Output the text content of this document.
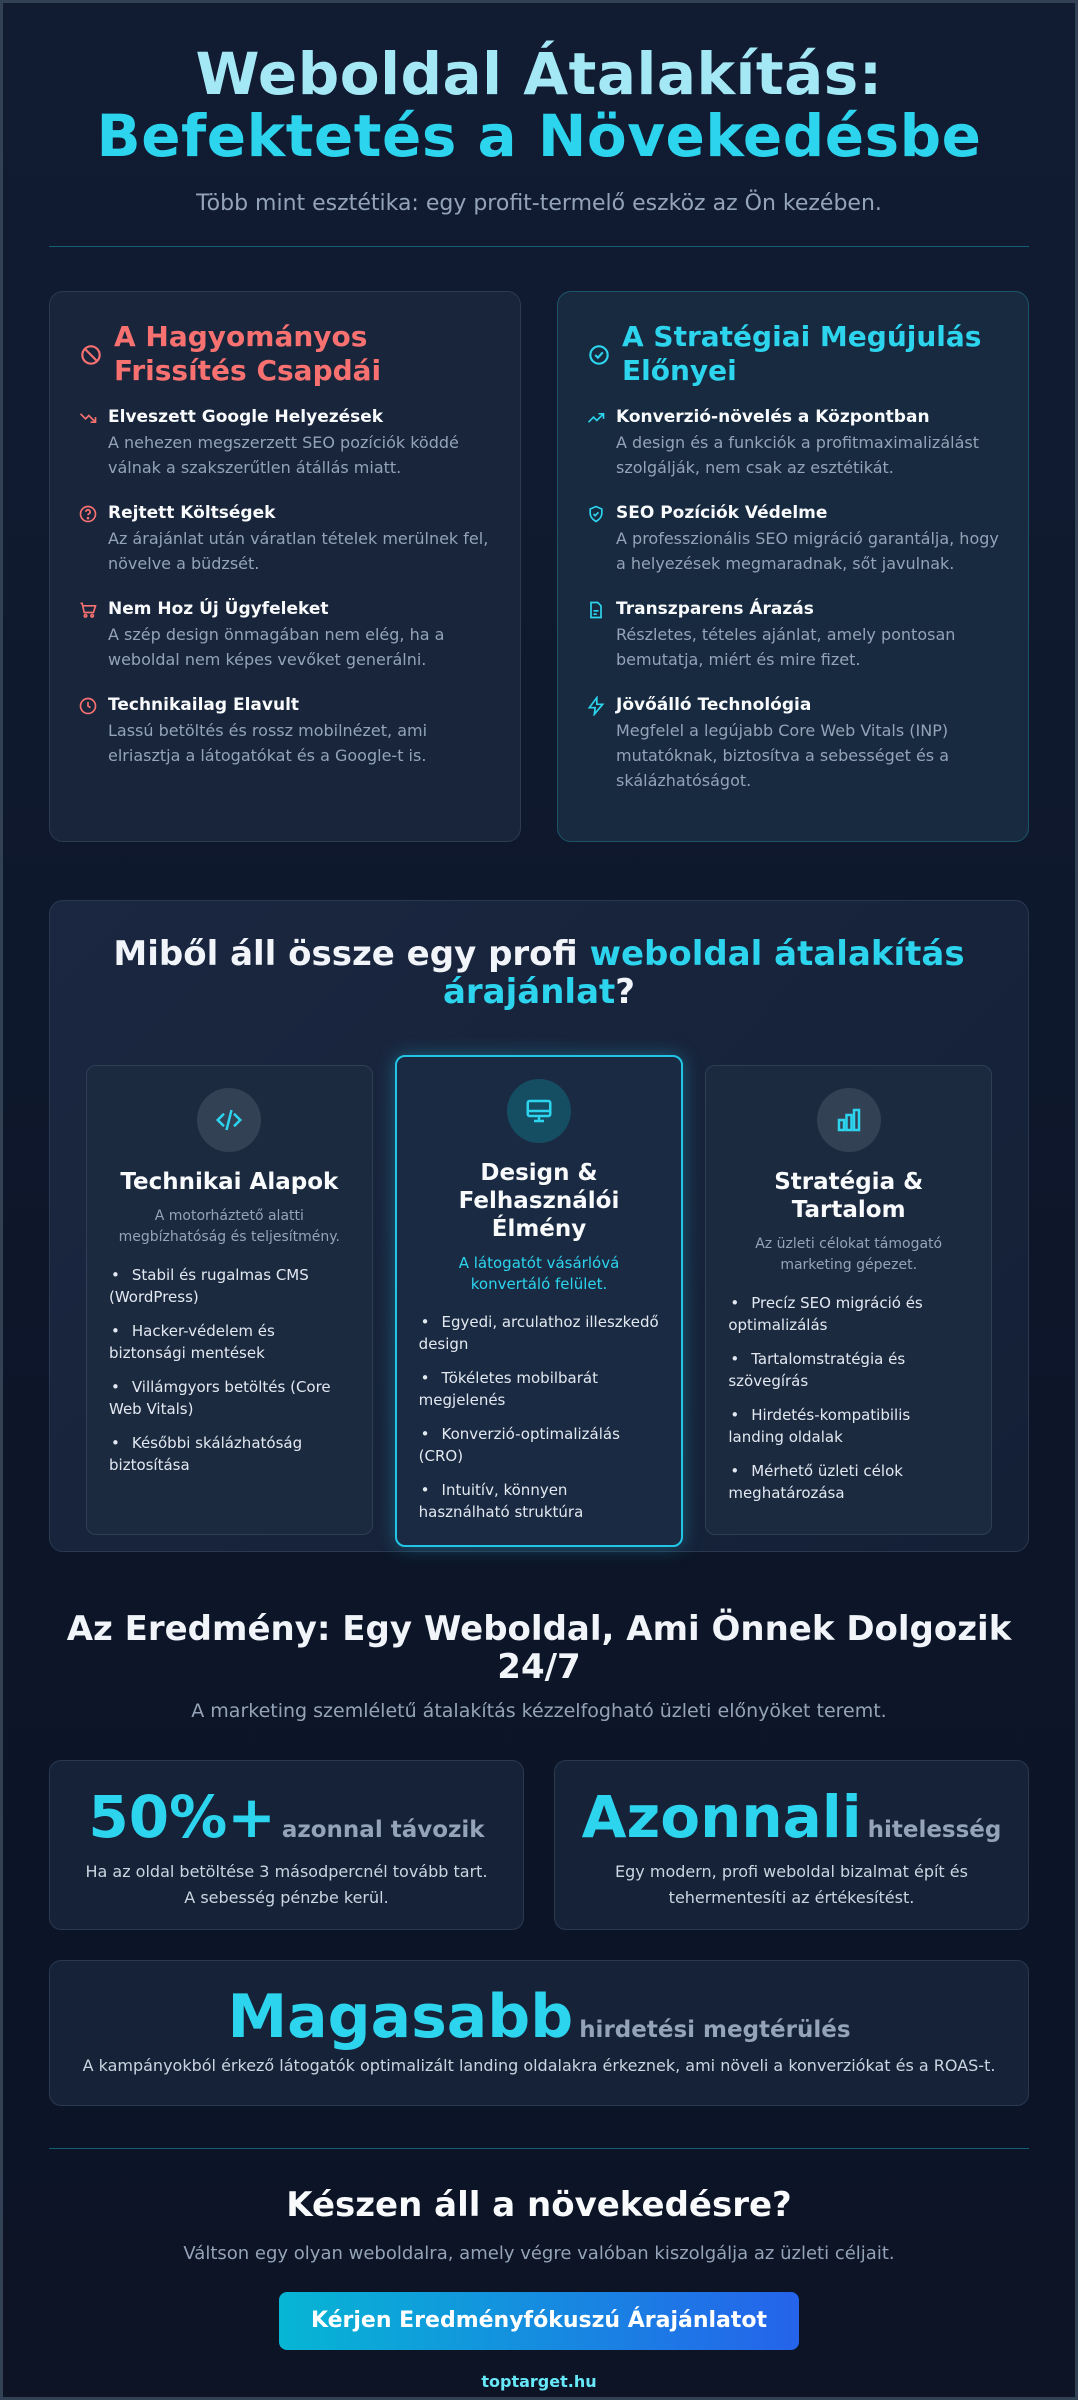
Weboldal Átalakítás: Befektetés a Növekedésbe

Több mint esztétika: egy profit-termelő eszköz az Ön kezében.

A Hagyományos Frissítés Csapdái
Elveszett Google Helyezések
A nehezen megszerzett SEO pozíciók köddé válnak a szakszerűtlen átállás miatt.
Rejtett Költségek
Az árajánlat után váratlan tételek merülnek fel, növelve a büdzsét.
Nem Hoz Új Ügyfeleket
A szép design önmagában nem elég, ha a weboldal nem képes vevőket generálni.
Technikailag Elavult
Lassú betöltés és rossz mobilnézet, ami elriasztja a látogatókat és a Google-t is.
A Stratégiai Megújulás Előnyei
Konverzió-növelés a Központban
A design és a funkciók a profitmaximalizálást szolgálják, nem csak az esztétikát.
SEO Pozíciók Védelme
A professzionális SEO migráció garantálja, hogy a helyezések megmaradnak, sőt javulnak.
Transzparens Árazás
Részletes, tételes ajánlat, amely pontosan bemutatja, miért és mire fizet.
Jövőálló Technológia
Megfelel a legújabb Core Web Vitals (INP) mutatóknak, biztosítva a sebességet és a skálázhatóságot.
Miből áll össze egy profi weboldal átalakítás árajánlat?
Technikai Alapok
A motorháztető alatti megbízhatóság és teljesítmény.
• Stabil és rugalmas CMS (WordPress)
• Hacker-védelem és biztonsági mentések
• Villámgyors betöltés (Core Web Vitals)
• Későbbi skálázhatóság biztosítása
Design & Felhasználói Élmény
A látogatót vásárlóvá konvertáló felület.
• Egyedi, arculathoz illeszkedő design
• Tökéletes mobilbarát megjelenés
• Konverzió-optimalizálás (CRO)
• Intuitív, könnyen használható struktúra
Stratégia & Tartalom
Az üzleti célokat támogató marketing gépezet.
• Precíz SEO migráció és optimalizálás
• Tartalomstratégia és szövegírás
• Hirdetés-kompatibilis landing oldalak
• Mérhető üzleti célok meghatározása
Az Eredmény: Egy Weboldal, Ami Önnek Dolgozik 24/7

A marketing szemléletű átalakítás kézzelfogható üzleti előnyöket teremt.

50%+ azonnal távozik
Ha az oldal betöltése 3 másodpercnél tovább tart.
A sebesség pénzbe kerül.
Azonnali hitelesség
Egy modern, profi weboldal bizalmat épít és
tehermentesíti az értékesítést.
Magasabb hirdetési megtérülés
A kampányokból érkező látogatók optimalizált landing oldalakra érkeznek, ami növeli a konverziókat és a ROAS-t.
Készen áll a növekedésre?

Váltson egy olyan weboldalra, amely végre valóban kiszolgálja az üzleti céljait.

Kérjen Eredményfókuszú Árajánlatot
toptarget.hu
